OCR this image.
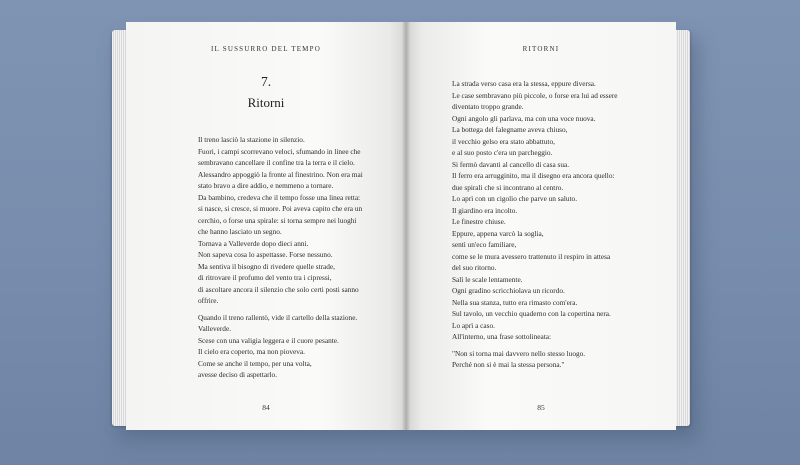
IL SUSSURRO DEL TEMPO
7.
Ritorni
Il treno lasciò la stazione in silenzio.
Fuori, i campi scorrevano veloci, sfumando in linee che
sembravano cancellare il confine tra la terra e il cielo.
Alessandro appoggiò la fronte al finestrino. Non era mai
stato bravo a dire addio, e nemmeno a tornare.
Da bambino, credeva che il tempo fosse una linea retta:
si nasce, si cresce, si muore. Poi aveva capito che era un
cerchio, o forse una spirale: si torna sempre nei luoghi
che hanno lasciato un segno.
Tornava a Valleverde dopo dieci anni.
Non sapeva cosa lo aspettasse. Forse nessuno.
Ma sentiva il bisogno di rivedere quelle strade,
di ritrovare il profumo del vento tra i cipressi,
di ascoltare ancora il silenzio che solo certi posti sanno
offrire.
Quando il treno rallentò, vide il cartello della stazione.
Valleverde.
Scese con una valigia leggera e il cuore pesante.
Il cielo era coperto, ma non pioveva.
Come se anche il tempo, per una volta,
avesse deciso di aspettarlo.
84
RITORNI
La strada verso casa era la stessa, eppure diversa.
Le case sembravano più piccole, o forse era lui ad essere
diventato troppo grande.
Ogni angolo gli parlava, ma con una voce nuova.
La bottega del falegname aveva chiuso,
il vecchio gelso era stato abbattuto,
e al suo posto c'era un parcheggio.
Si fermò davanti al cancello di casa sua.
Il ferro era arrugginito, ma il disegno era ancora quello:
due spirali che si incontrano al centro.
Lo aprì con un cigolio che parve un saluto.
Il giardino era incolto.
Le finestre chiuse.
Eppure, appena varcò la soglia,
sentì un'eco familiare,
come se le mura avessero trattenuto il respiro in attesa
del suo ritorno.
Salì le scale lentamente.
Ogni gradino scricchiolava un ricordo.
Nella sua stanza, tutto era rimasto com'era.
Sul tavolo, un vecchio quaderno con la copertina nera.
Lo aprì a caso.
All'interno, una frase sottolineata:
"Non si torna mai davvero nello stesso luogo.
Perché non si è mai la stessa persona."
85
